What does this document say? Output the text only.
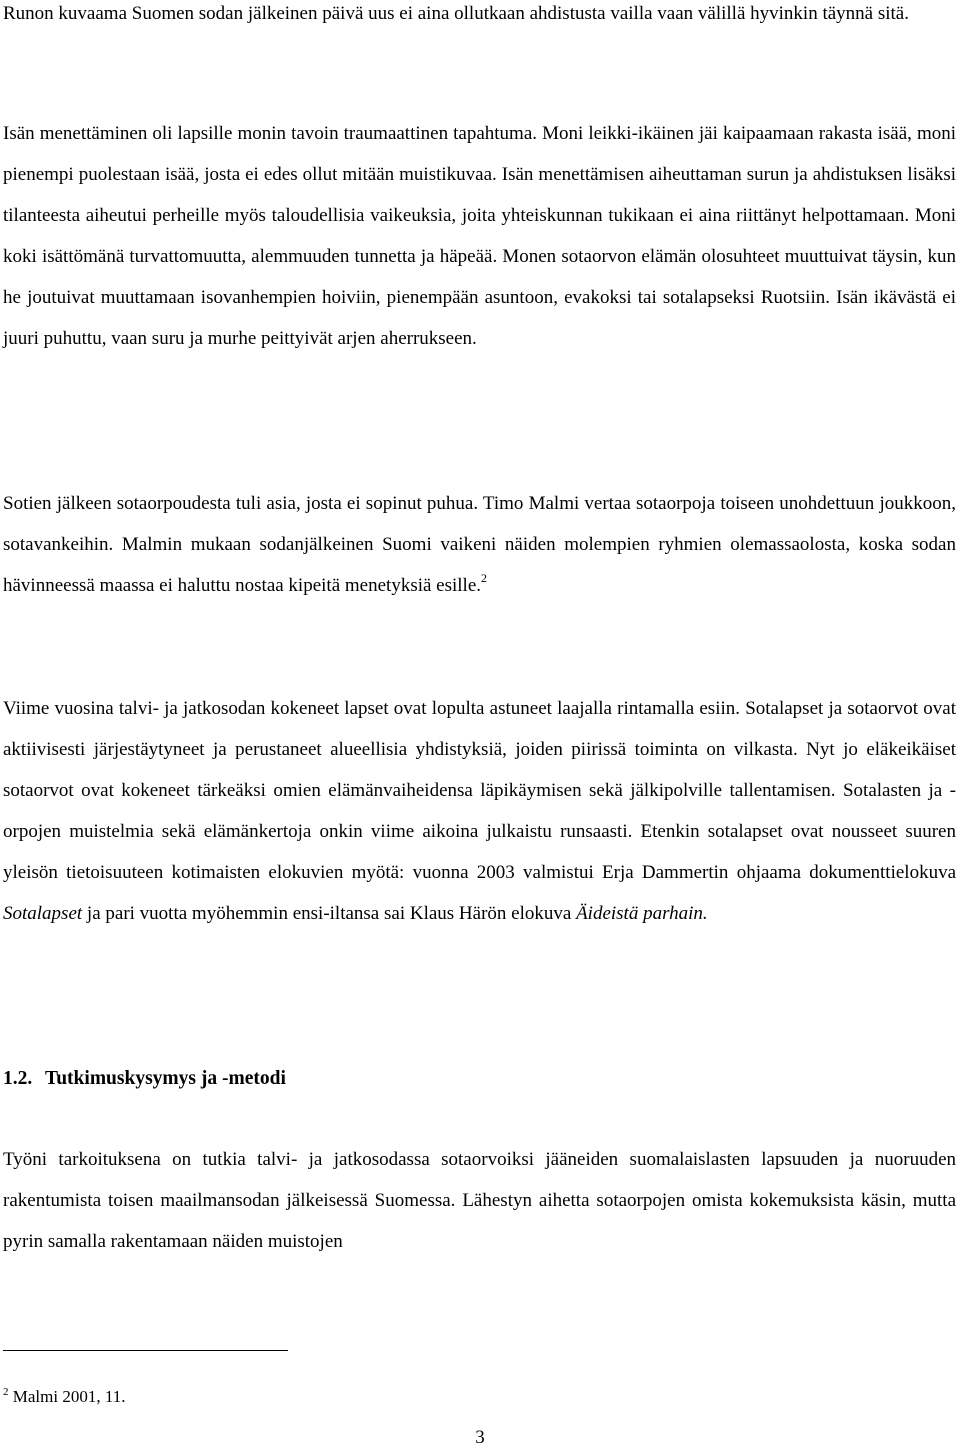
Runon kuvaama Suomen sodan jälkeinen päivä uus ei aina ollutkaan ahdistusta vailla vaan välillä hyvinkin täynnä sitä.

Isän menettäminen oli lapsille monin tavoin traumaattinen tapahtuma. Moni leikki-ikäinen jäi kaipaamaan rakasta isää, moni pienempi puolestaan isää, josta ei edes ollut mitään muistikuvaa. Isän menettämisen aiheuttaman surun ja ahdistuksen lisäksi tilanteesta aiheutui perheille myös taloudellisia vaikeuksia, joita yhteiskunnan tukikaan ei aina riittänyt helpottamaan. Moni koki isättömänä turvattomuutta, alemmuuden tunnetta ja häpeää. Monen sotaorvon elämän olosuhteet muuttuivat täysin, kun he joutuivat muuttamaan isovanhempien hoiviin, pienempään asuntoon, evakoksi tai sotalapseksi Ruotsiin. Isän ikävästä ei juuri puhuttu, vaan suru ja murhe peittyivät arjen aherrukseen.

Sotien jälkeen sotaorpoudesta tuli asia, josta ei sopinut puhua. Timo Malmi vertaa sotaorpoja toiseen unohdettuun joukkoon, sotavankeihin. Malmin mukaan sodanjälkeinen Suomi vaikeni näiden molempien ryhmien olemassaolosta, koska sodan hävinneessä maassa ei haluttu nostaa kipeitä menetyksiä esille.$^2$

Viime vuosina talvi- ja jatkosodan kokeneet lapset ovat lopulta astuneet laajalla rintamalla esiin. Sotalapset ja sotaorvot ovat aktiivisesti järjestäytyneet ja perustaneet alueellisia yhdistyksiä, joiden piirissä toiminta on vilkasta. Nyt jo eläkeikäiset sotaorvot ovat kokeneet tärkeäksi omien elämänvaiheidensa läpikäymisen sekä jälkipolville tallentamisen. Sotalasten ja -orpojen muistelmia sekä elämänkertoja onkin viime aikoina julkaistu runsaasti. Etenkin sotalapset ovat nousseet suuren yleisön tietoisuuteen kotimaisten elokuvien myötä: vuonna 2003 valmistui Erja Dammertin ohjaama dokumenttielokuva Sotalapset ja pari vuotta myöhemmin ensi-iltansa sai Klaus Härön elokuva Äideistä parhain.

1.2. Tutkimuskysymys ja -metodi

Työni tarkoituksena on tutkia talvi- ja jatkosodassa sotaorvoiksi jääneiden suomalaislasten lapsuuden ja nuoruuden rakentumista toisen maailmansodan jälkeisessä Suomessa. Lähestyn aihetta sotaorpojen omista kokemuksista käsin, mutta pyrin samalla rakentamaan näiden muistojen

$^2$ Malmi 2001, 11.

3
